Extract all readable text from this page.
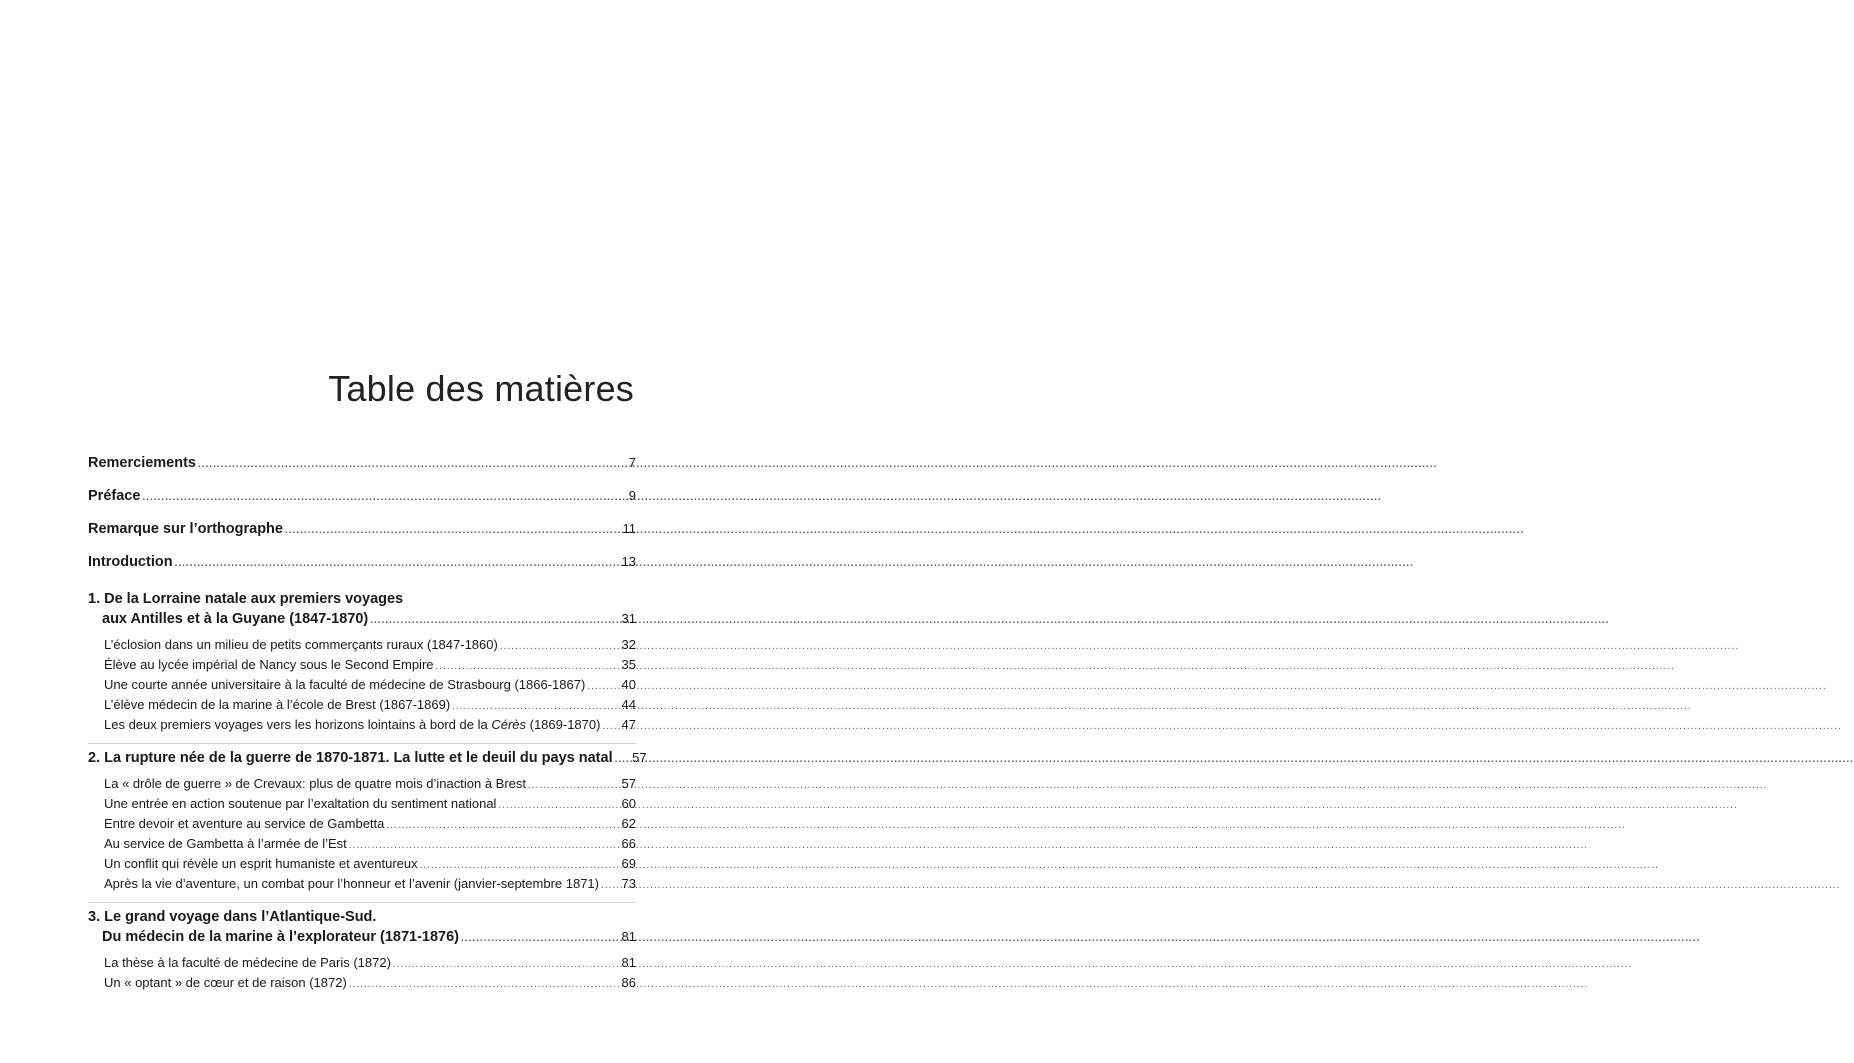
Table des matières
Remerciements .....	7
Préface .....	9
Remarque sur l’orthographe .....	11
Introduction .....	13
1. De la Lorraine natale aux premiers voyages
aux Antilles et à la Guyane (1847-1870) .....	31
L’éclosion dans un milieu de petits commerçants ruraux (1847-1860) .....	32
Élève au lycée impérial de Nancy sous le Second Empire .....	35
Une courte année universitaire à la faculté de médecine de Strasbourg (1866-1867) .....	40
L’élève médecin de la marine à l’école de Brest (1867-1869) .....	44
Les deux premiers voyages vers les horizons lointains à bord de la Cérès (1869-1870) ..... 47
2. La rupture née de la guerre de 1870-1871. La lutte et le deuil du pays natal ..... 57
La « drôle de guerre » de Crevaux: plus de quatre mois d’inaction à Brest .....	57
Une entrée en action soutenue par l’exaltation du sentiment national .....	60
Entre devoir et aventure au service de Gambetta .....	62
Au service de Gambetta à l’armée de l’Est .....	66
Un conflit qui révèle un esprit humaniste et aventureux .....	69
Après la vie d’aventure, un combat pour l’honneur et l’avenir (janvier-septembre 1871) ..... 73
3. Le grand voyage dans l’Atlantique-Sud.
Du médecin de la marine à l’explorateur (1871-1876) .....	81
La thèse à la faculté de médecine de Paris (1872) .....	81
Un « optant » de cœur et de raison (1872) .....	86
